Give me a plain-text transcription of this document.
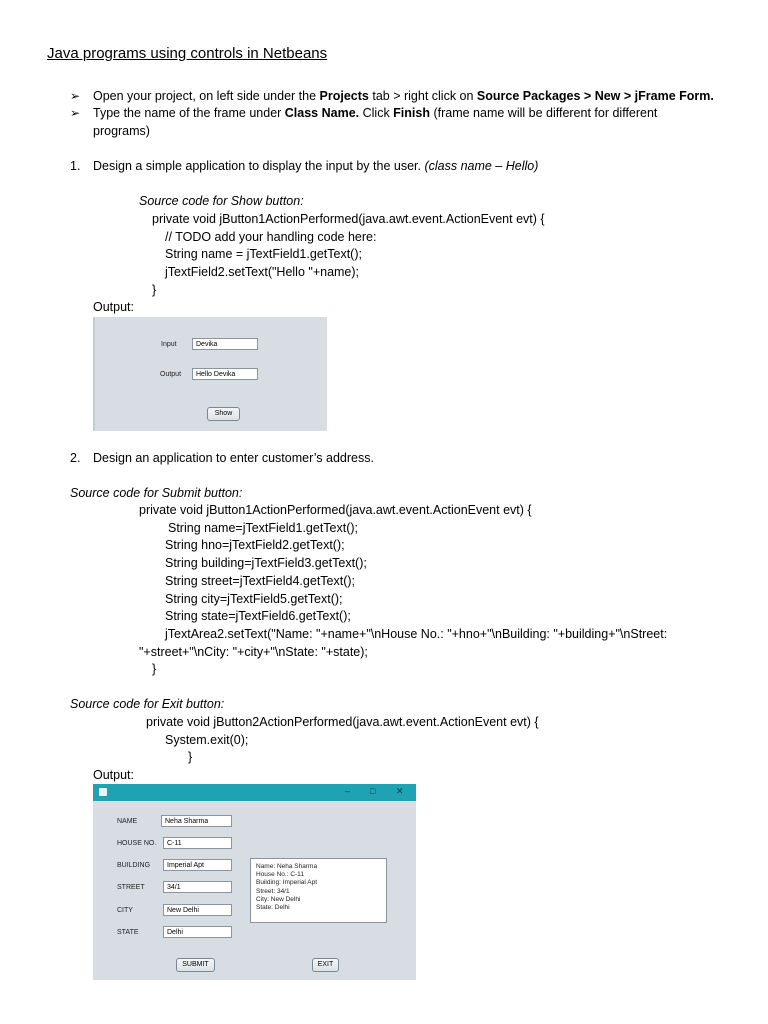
Java programs using controls in Netbeans
➢ Open your project, on left side under the Projects tab > right click on Source Packages > New > jFrame Form.
➢ Type the name of the frame under Class Name. Click Finish (frame name will be different for different
programs)
1. Design a simple application to display the input by the user. (class name – Hello)
Source code for Show button:
private void jButton1ActionPerformed(java.awt.event.ActionEvent evt) {
// TODO add your handling code here:
String name = jTextField1.getText();
jTextField2.setText("Hello "+name);
}
Output:
Input	Devika
Output	Hello Devika
Show
2. Design an application to enter customer’s address.
Source code for Submit button:
private void jButton1ActionPerformed(java.awt.event.ActionEvent evt) {
String name=jTextField1.getText();
String hno=jTextField2.getText();
String building=jTextField3.getText();
String street=jTextField4.getText();
String city=jTextField5.getText();
String state=jTextField6.getText();
jTextArea2.setText("Name: "+name+"\nHouse No.: "+hno+"\nBuilding: "+building+"\nStreet:
"+street+"\nCity: "+city+"\nState: "+state);
}
Source code for Exit button:
private void jButton2ActionPerformed(java.awt.event.ActionEvent evt) {
System.exit(0);
}
Output:
– □ ✕
NAME	Neha Sharma
HOUSE NO.	C-11
BUILDING	Imperial Apt
STREET	34/1
CITY	New Delhi
STATE	Delhi
SUBMIT	EXIT
Name: Neha Sharma
House No.: C-11
Building: Imperial Apt
Street: 34/1
City: New Delhi
State: Delhi
